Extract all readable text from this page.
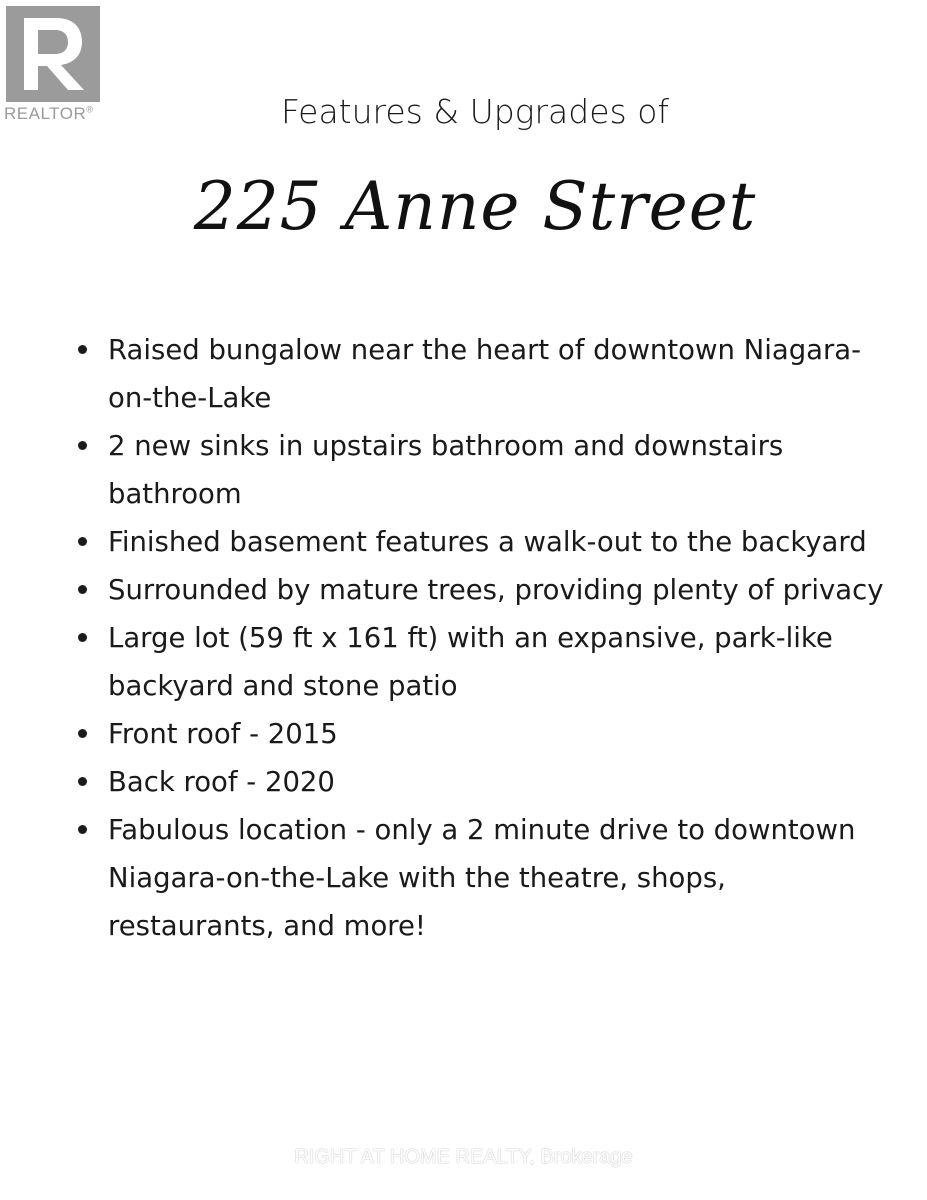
REALTOR®	Features & Upgrades of
225 Anne Street
Raised bungalow near the heart of downtown Niagara-on-the-Lake
2 new sinks in upstairs bathroom and downstairs bathroom
Finished basement features a walk-out to the backyard
Surrounded by mature trees, providing plenty of privacy
Large lot (59 ft x 161 ft) with an expansive, park-like backyard and stone patio
Front roof - 2015
Back roof - 2020
Fabulous location - only a 2 minute drive to downtown Niagara-on-the-Lake with the theatre, shops, restaurants, and more!
RIGHT AT HOME REALTY, Brokerage
